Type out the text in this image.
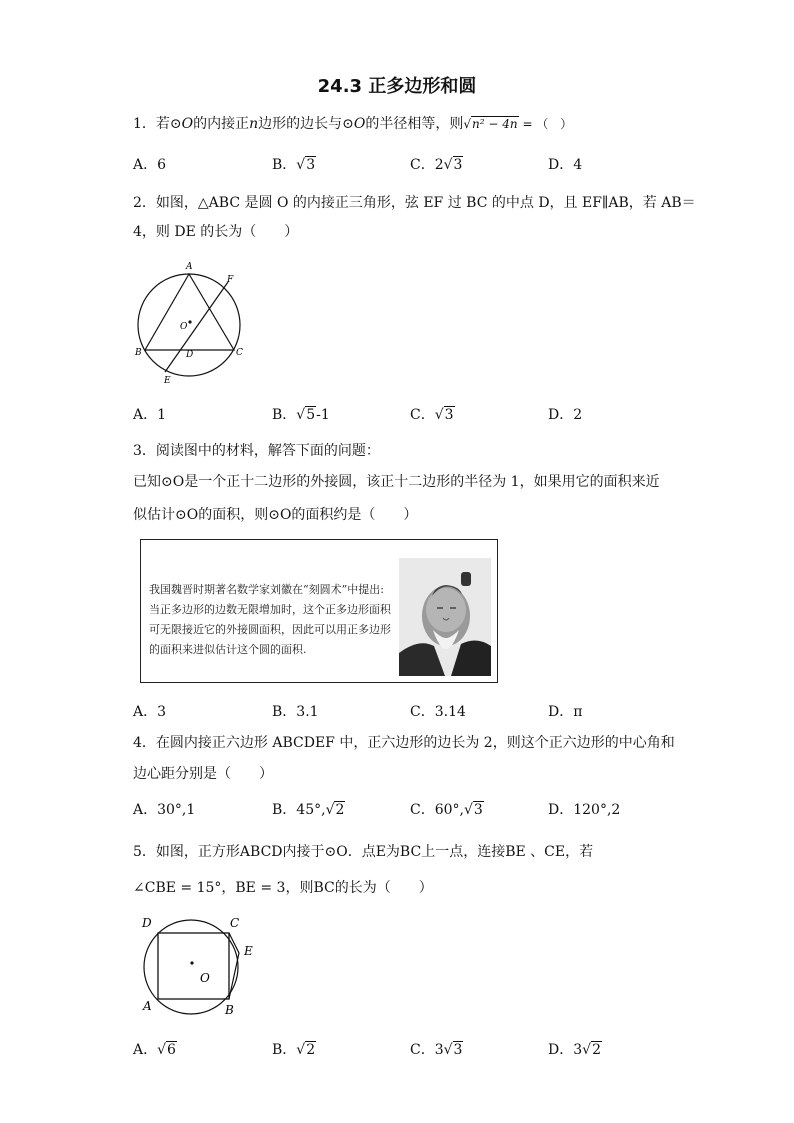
24.3 正多边形和圆
1．若⊙O的内接正n边形的边长与⊙O的半径相等，则√n² − 4n = （　）
A．6	B．√3	C．2√3	D．4
2．如图，△ABC 是圆 O 的内接正三角形，弦 EF 过 BC 的中点 D，且 EF∥AB，若 AB＝
4，则 DE 的长为（　　）
A
F
O
B	D	C
E
A．1	B．√5-1	C．√3	D．2
3．阅读图中的材料，解答下面的问题：
已知⊙O是一个正十二边形的外接圆，该正十二边形的半径为 1，如果用它的面积来近
似估计⊙O的面积，则⊙O的面积约是（　　）
我国魏晋时期著名数学家刘徽在“刻圆术”中提出:
当正多边形的边数无限增加时，这个正多边形面积
可无限接近它的外接圆面积，因此可以用正多边形
的面积来进似估计这个圆的面积.
A．3	B．3.1	C．3.14	D．π
4．在圆内接正六边形 ABCDEF 中，正六边形的边长为 2，则这个正六边形的中心角和
边心距分别是（　　）
A．30°,1	B．45°,√2	C．60°,√3	D．120°,2
5．如图，正方形ABCD内接于⊙O．点E为BC上一点，连接BE 、CE，若
∠CBE = 15°，BE = 3，则BC的长为（　　）
D	C
E
O
A	B
A．√6	B．√2	C．3√3	D．3√2
